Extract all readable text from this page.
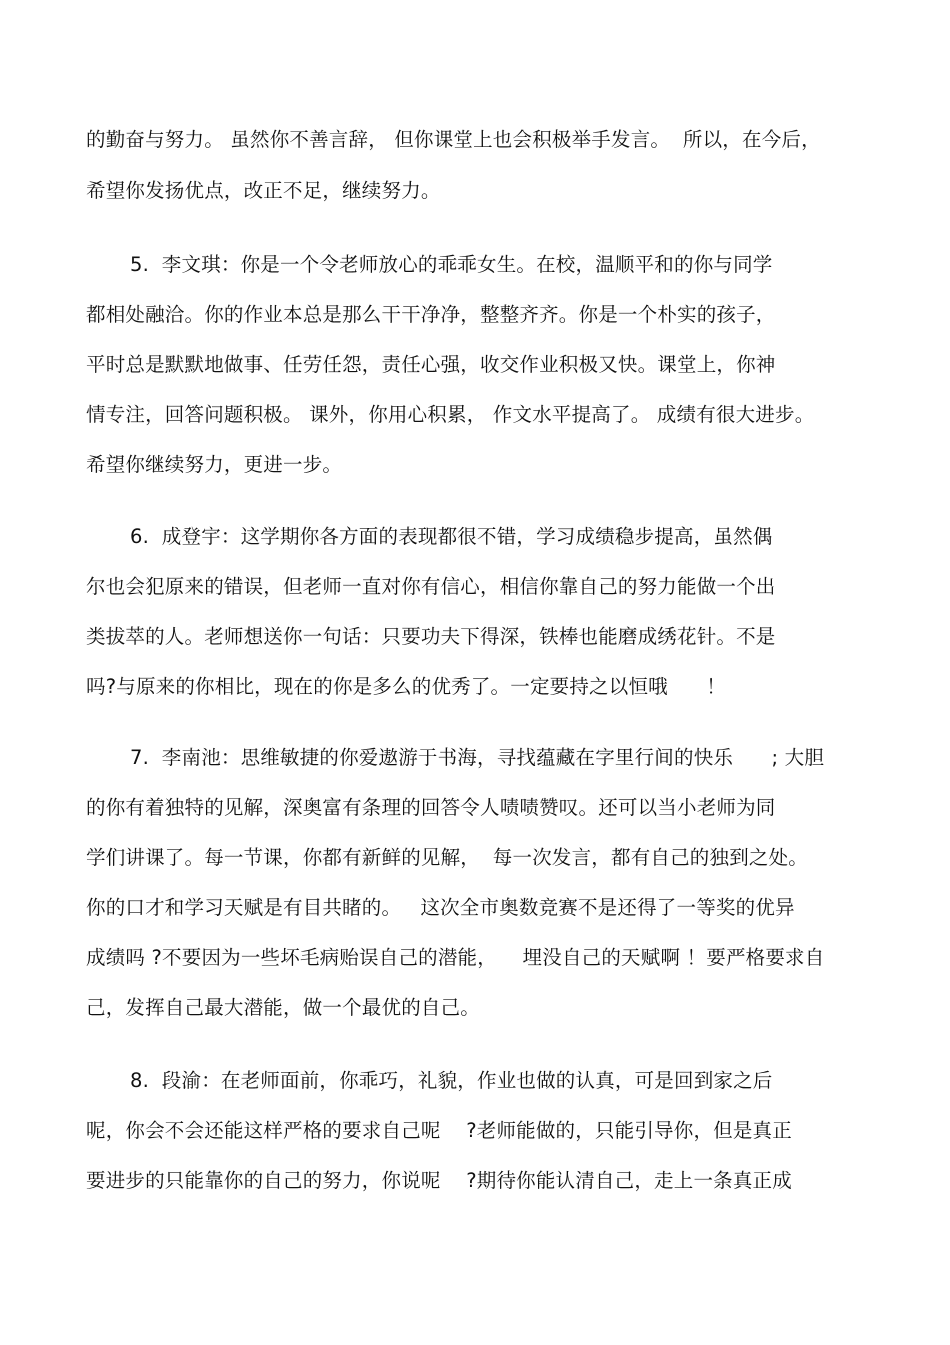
的勤奋与努力。 虽然你不善言辞， 但你课堂上也会积极举手发言。  所以，在今后，
希望你发扬优点，改正不足，继续努力。
5.  李文琪：你是一个令老师放心的乖乖女生。在校，温顺平和的你与同学
都相处融洽。你的作业本总是那么干干净净，整整齐齐。你是一个朴实的孩子，
平时总是默默地做事、任劳任怨，责任心强，收交作业积极又快。课堂上，你神
情专注，回答问题积极。 课外，你用心积累， 作文水平提高了。 成绩有很大进步。
希望你继续努力，更进一步。
6.  成登宇：这学期你各方面的表现都很不错，学习成绩稳步提高，虽然偶
尔也会犯原来的错误，但老师一直对你有信心，相信你靠自己的努力能做一个出
类拔萃的人。老师想送你一句话：只要功夫下得深，铁棒也能磨成绣花针。不是
吗?与原来的你相比，现在的你是多么的优秀了。一定要持之以恒哦      ！
7.  李南池：思维敏捷的你爱遨游于书海，寻找蕴藏在字里行间的快乐      ; 大胆
的你有着独特的见解，深奥富有条理的回答令人啧啧赞叹。还可以当小老师为同
学们讲课了。每一节课，你都有新鲜的见解，  每一次发言，都有自己的独到之处。
你的口才和学习天赋是有目共睹的。   这次全市奥数竞赛不是还得了一等奖的优异
成绩吗 ?不要因为一些坏毛病贻误自己的潜能，    埋没自己的天赋啊 ！要严格要求自
己，发挥自己最大潜能，做一个最优的自己。
8.  段渝：在老师面前，你乖巧，礼貌，作业也做的认真，可是回到家之后
呢，你会不会还能这样严格的要求自己呢    ?老师能做的，只能引导你，但是真正
要进步的只能靠你的自己的努力，你说呢    ?期待你能认清自己，走上一条真正成
